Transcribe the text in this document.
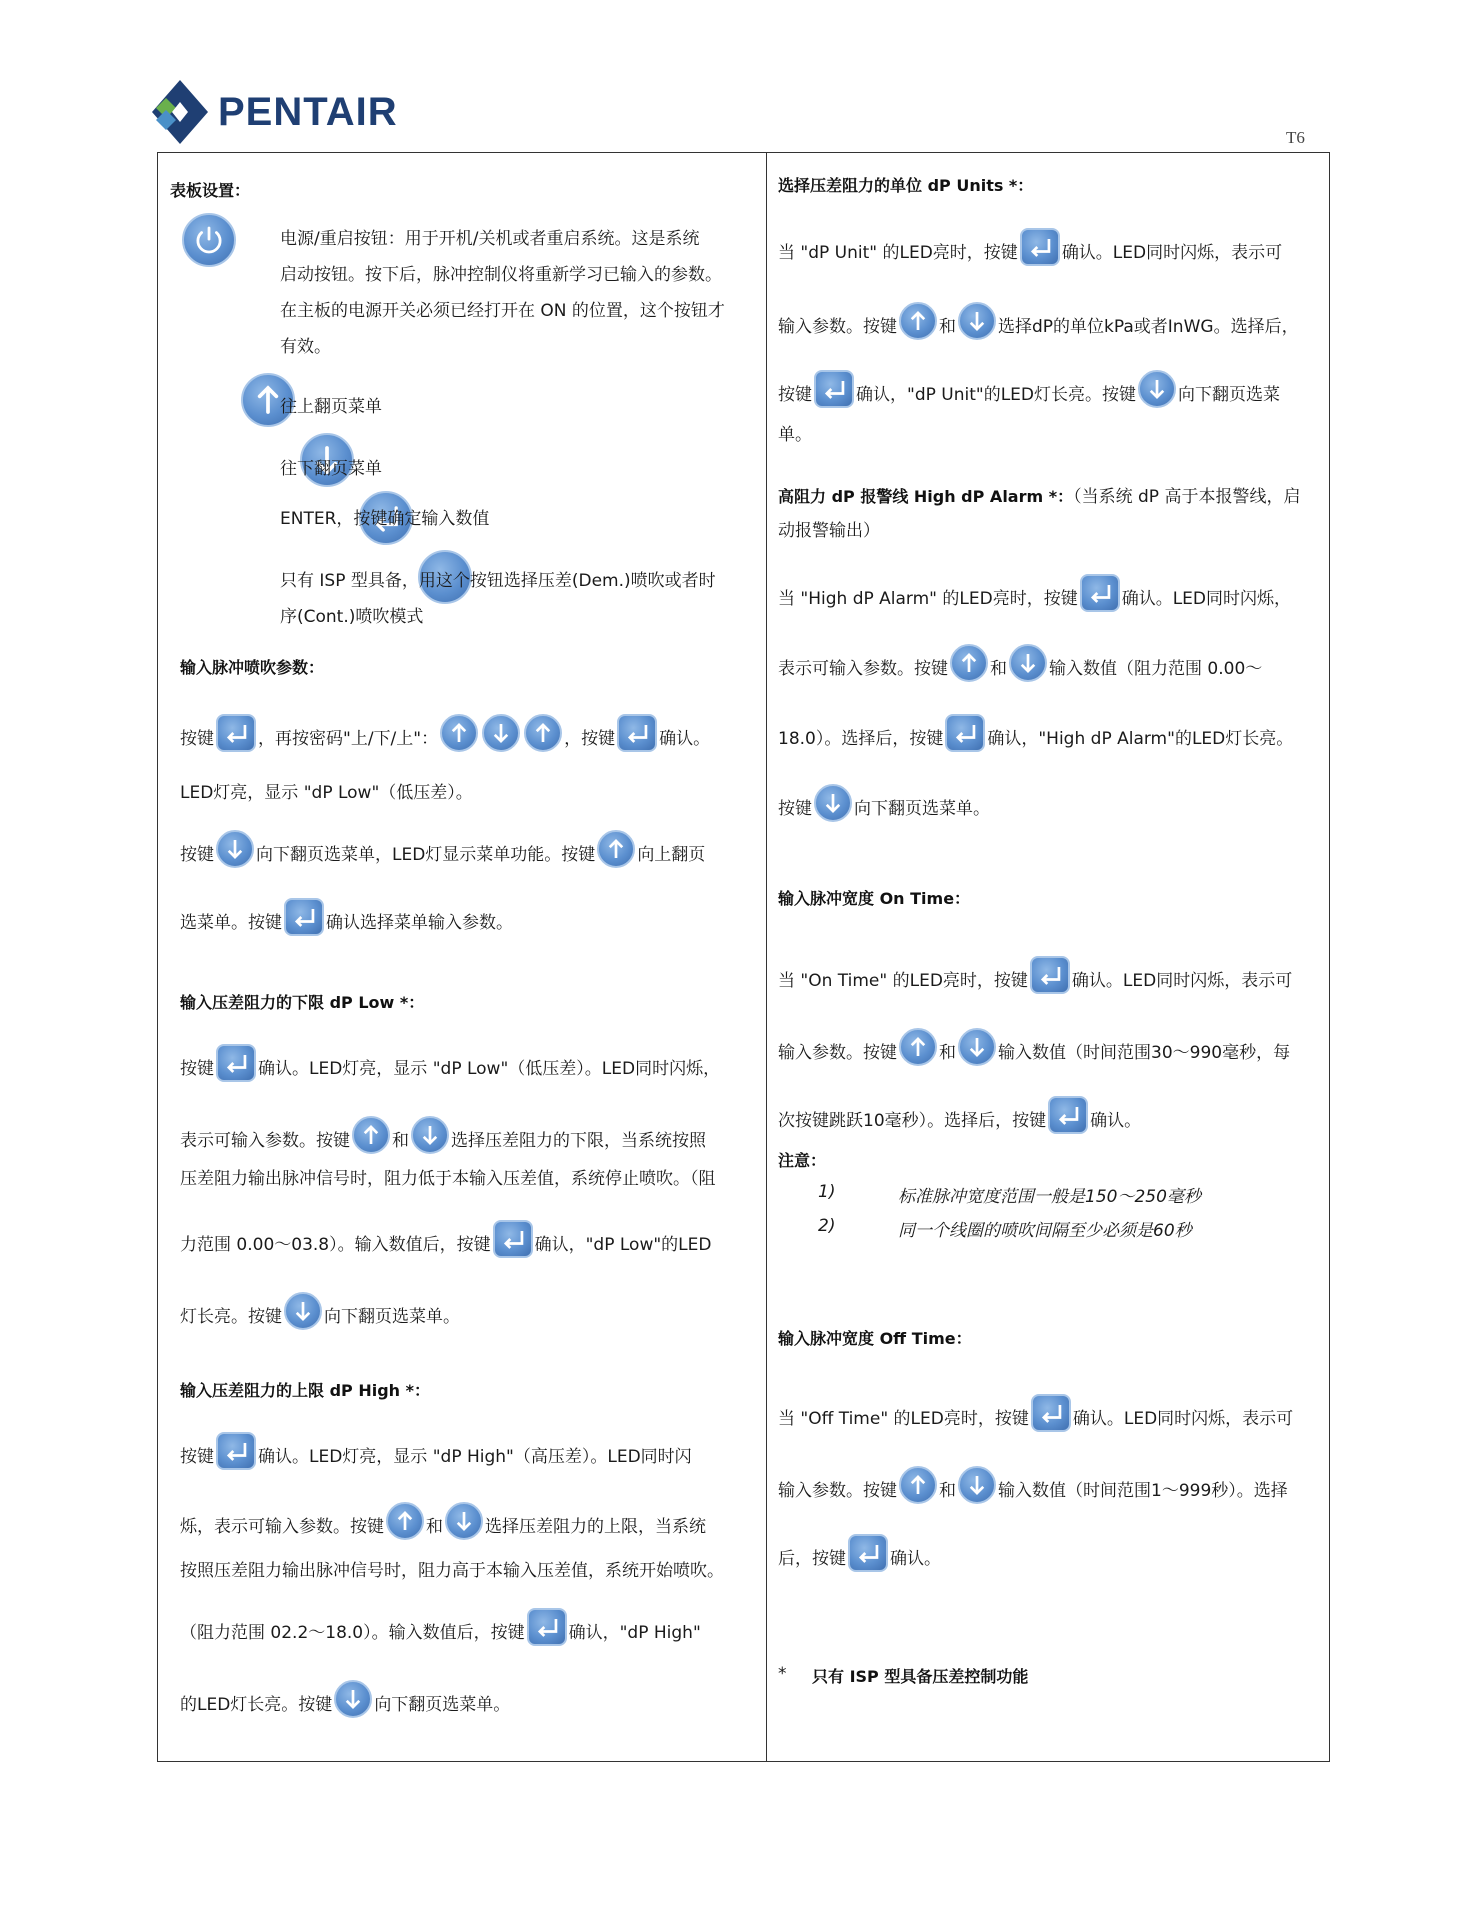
PENTAIR
T6
表板设置：

电源/重启按钮：用于开机/关机或者重启系统。这是系统
启动按钮。按下后，脉冲控制仪将重新学习已输入的参数。
在主板的电源开关必须已经打开在 ON 的位置，这个按钮才
有效。

往上翻页菜单

往下翻页菜单

ENTER，按键确定输入数值
只有 ISP 型具备，用这个按钮选择压差(Dem.)喷吹或者时
序(Cont.)喷吹模式
输入脉冲喷吹参数：
按键	，再按密码"上/下/上"：	，按键	确认。
LED灯亮，显示 "dP Low"（低压差）。
按键 向下翻页选菜单，LED灯显示菜单功能。按键 向上翻页
选菜单。按键	确认选择菜单输入参数。
输入压差阻力的下限 dP Low *：
按键	确认。LED灯亮，显示 "dP Low"（低压差）。LED同时闪烁，
表示可输入参数。按键 和 选择压差阻力的下限，当系统按照
压差阻力输出脉冲信号时，阻力低于本输入压差值，系统停止喷吹。（阻
力范围 0.00～03.8）。输入数值后，按键	确认，"dP Low"的LED
灯长亮。按键 向下翻页选菜单。
输入压差阻力的上限 dP High *：
按键	确认。LED灯亮，显示 "dP High"（高压差）。LED同时闪
烁，表示可输入参数。按键 和 选择压差阻力的上限，当系统
按照压差阻力输出脉冲信号时，阻力高于本输入压差值，系统开始喷吹。
（阻力范围 02.2～18.0）。输入数值后，按键	确认，"dP High"
的LED灯长亮。按键 向下翻页选菜单。
选择压差阻力的单位 dP Units *：
当 "dP Unit" 的LED亮时，按键	确认。LED同时闪烁，表示可
输入参数。按键 和 选择dP的单位kPa或者InWG。选择后，
按键	确认，"dP Unit"的LED灯长亮。按键 向下翻页选菜
单。
高阻力 dP 报警线 High dP Alarm *：（当系统 dP 高于本报警线，启
动报警输出）
当 "High dP Alarm" 的LED亮时，按键	确认。LED同时闪烁，
表示可输入参数。按键 和 输入数值（阻力范围 0.00～
18.0）。选择后，按键	确认，"High dP Alarm"的LED灯长亮。
按键 向下翻页选菜单。
输入脉冲宽度 On Time：
当 "On Time" 的LED亮时，按键	确认。LED同时闪烁，表示可
输入参数。按键 和 输入数值（时间范围30～990毫秒，每
次按键跳跃10毫秒）。选择后，按键	确认。
注意：
1)	标准脉冲宽度范围一般是150～250毫秒
2)	同一个线圈的喷吹间隔至少必须是60秒
输入脉冲宽度 Off Time：
当 "Off Time" 的LED亮时，按键	确认。LED同时闪烁，表示可
输入参数。按键 和 输入数值（时间范围1～999秒）。选择
后，按键	确认。
* 只有 ISP 型具备压差控制功能
